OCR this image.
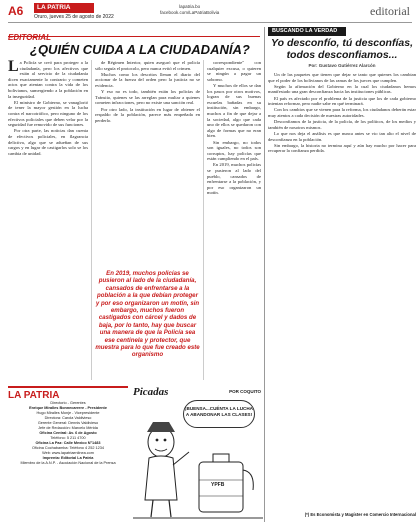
A6	LA PATRIA
Oruro, jueves 25 de agosto de 2022
lapatria.bo
facebook.com/LaPatriaBolivia	editorial
EDITORIAL
¿QUIÉN CUIDA A LA CIUDADANÍA?

La Policía se creó para proteger a la ciudadanía, pero los afectivos que están al servicio de la ciudadanía dicen exactamente lo contrario y cometen actos que atentan contra la vida de los bolivianos, sumergiendo a la población en la inseguridad.

El ministro de Gobierno, se vanaglorió de tener la mayor gestión en la lucha contra el narcotráfico, pero ninguno de los efectivos policiales que deben velar por la seguridad fue removido de sus funciones.

Por otra parte, las noticias dan cuenta de efectivos policiales, en flagrancia delictiva, algo que se adueñan de sus cargos y en lugar de castigarlos solo se los cambia de unidad.

de Régimen Interior, quien aseguró que el policía sólo seguía el protocolo, pero nunca evitó el crimen.

Muchos como los descritos llenan el diario del accionar de la fuerza del orden pero la justicia no se evidencia.

Y eso no es todo, también están los policías de Tránsito, quienes se las arreglan para multar a quienes cometen infracciones, pero no existe una sanción real.

Por otro lado, la institución en lugar de obtener el respaldo de la población, parece más empeñada en perderlo.

En 2019, muchos policías se pusieron al lado de la ciudadanía, cansados de enfrentarse a la población a la que debían proteger y por eso organizaron un motín, sin embargo, muchos fueron castigados con cárcel y dados de baja, por lo tanto, hay que buscar una manera de que la Policía sea ese centinela y protector, que muestra para lo que fue creado este organismo

correspondiente" con cualquier excusa, o quieren se ningún a pagar un soborno.

Y muchos de ellos se dan los pasos por otros motivos, logran de sus buenas escuelas bañadas en su institución, sin embargo, muchos a fin de que dejar a la sociedad, algo que cada uno de ellos se quedaron con algo de formas que no eran bien.

Sin embargo, no todos son iguales, no todos son corruptos, hay policías que están cumpliendo en el país.

En 2019, muchos policías se pusieron al lado del pueblo, cansados de enfrentarse a la población, y por eso organizaron un motín.

BUSCANDO LA VERDAD
Yo desconfío, tú desconfías, todos desconfiamos...
Por: Gustavo Gutiérrez Alarcón

Un de las paquetes que tienen que dejar se tanto que quienes los cambian que el poder de los bolivianos de las ramas de los jueces que cumplen.

Según la afirmación del Gobierno en la cual los ciudadanos hemos manifestado una gran desconfianza hacia las instituciones públicas.

El país es afectado por el problema de la justicia que los de cada gobierno intentan reformar, pero nadie sabe en qué terminará.

Con los cambios que se vienen para la reforma, los ciudadanos deberán estar muy atentos a cada decisión de nuestras autoridades.

Desconfiamos de la justicia, de la policía, de los políticos, de los medios y también de nosotros mismos.

Lo que nos deja el análisis es que nunca antes se vio tan alto el nivel de desconfianza en la población.

Sin embargo, la historia no termina aquí y aún hay mucho por hacer para recuperar la confianza perdida.

(*) Es Economista y Magíster en Comercio Internacional
LA PATRIA
Directorio - Gerentes
Enrique Miralles Bonnecarrere - Presidente
Hugo Miralles Monje - Vicepresidente
Directora: Carola Valdivieso
Gerente General: Dennis Valdivieso
Jefe de Redacción: Marcelo Mérida
Oficina Central: Av. 6 de Agosto
Teléfono: 5 211 4700
Oficina La Paz: Calle Mexico N°1483
Oficina Cochabamba: Teléfono 4 252 1234
Web: www.lapatriaenlinea.com
Imprenta: Editorial La Patria
Miembro de la A.N.P. - Asociación Nacional de la Prensa
Picadas	POR COQUITO
¡BUENSA...CUÉNTA LA LUCHA A ABANDONAR LAS CLASES!
YPFB
